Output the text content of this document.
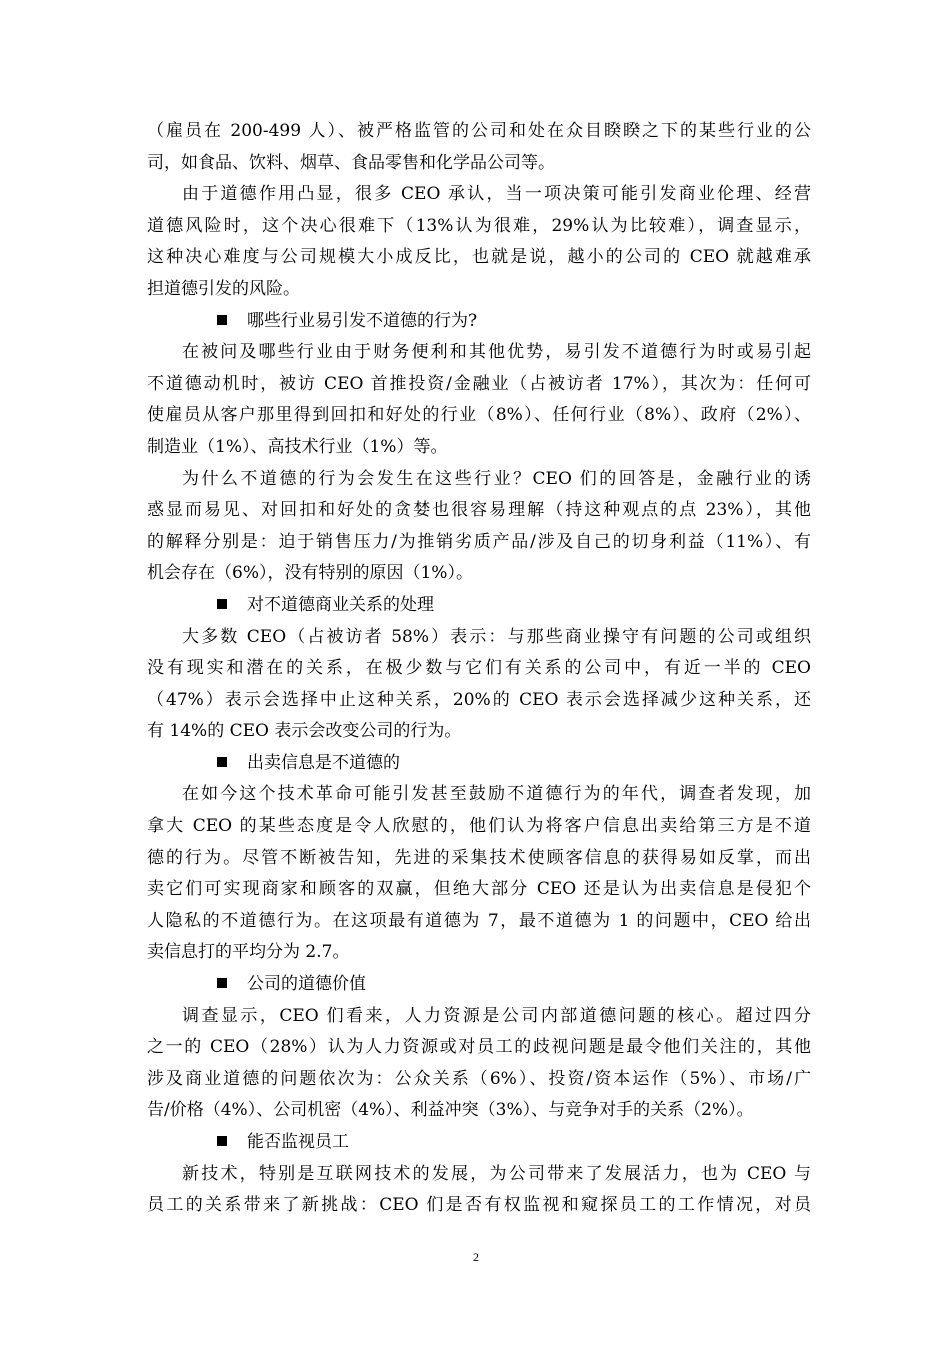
（雇员在 200-499 人）、被严格监管的公司和处在众目睽睽之下的某些行业的公
司，如食品、饮料、烟草、食品零售和化学品公司等。
由于道德作用凸显，很多 CEO 承认，当一项决策可能引发商业伦理、经营
道德风险时，这个决心很难下（13%认为很难，29%认为比较难），调查显示，
这种决心难度与公司规模大小成反比，也就是说，越小的公司的 CEO 就越难承
担道德引发的风险。
哪些行业易引发不道德的行为?
在被问及哪些行业由于财务便利和其他优势，易引发不道德行为时或易引起
不道德动机时，被访 CEO 首推投资/金融业（占被访者 17%），其次为：任何可
使雇员从客户那里得到回扣和好处的行业（8%）、任何行业（8%）、政府（2%）、
制造业（1%）、高技术行业（1%）等。
为什么不道德的行为会发生在这些行业？CEO 们的回答是，金融行业的诱
惑显而易见、对回扣和好处的贪婪也很容易理解（持这种观点的点 23%），其他
的解释分别是：迫于销售压力/为推销劣质产品/涉及自己的切身利益（11%）、有
机会存在（6%），没有特别的原因（1%）。
对不道德商业关系的处理
大多数 CEO（占被访者 58%）表示：与那些商业操守有问题的公司或组织
没有现实和潜在的关系，在极少数与它们有关系的公司中，有近一半的 CEO
（47%）表示会选择中止这种关系，20%的 CEO 表示会选择减少这种关系，还
有 14%的 CEO 表示会改变公司的行为。
出卖信息是不道德的
在如今这个技术革命可能引发甚至鼓励不道德行为的年代，调查者发现，加
拿大 CEO 的某些态度是令人欣慰的，他们认为将客户信息出卖给第三方是不道
德的行为。尽管不断被告知，先进的采集技术使顾客信息的获得易如反掌，而出
卖它们可实现商家和顾客的双赢，但绝大部分 CEO 还是认为出卖信息是侵犯个
人隐私的不道德行为。在这项最有道德为 7，最不道德为 1 的问题中，CEO 给出
卖信息打的平均分为 2.7。
公司的道德价值
调查显示，CEO 们看来，人力资源是公司内部道德问题的核心。超过四分
之一的 CEO（28%）认为人力资源或对员工的歧视问题是最令他们关注的，其他
涉及商业道德的问题依次为：公众关系（6%）、投资/资本运作（5%）、市场/广
告/价格（4%）、公司机密（4%）、利益冲突（3%）、与竞争对手的关系（2%）。
能否监视员工
新技术，特别是互联网技术的发展，为公司带来了发展活力，也为 CEO 与
员工的关系带来了新挑战：CEO 们是否有权监视和窥探员工的工作情况，对员
2
